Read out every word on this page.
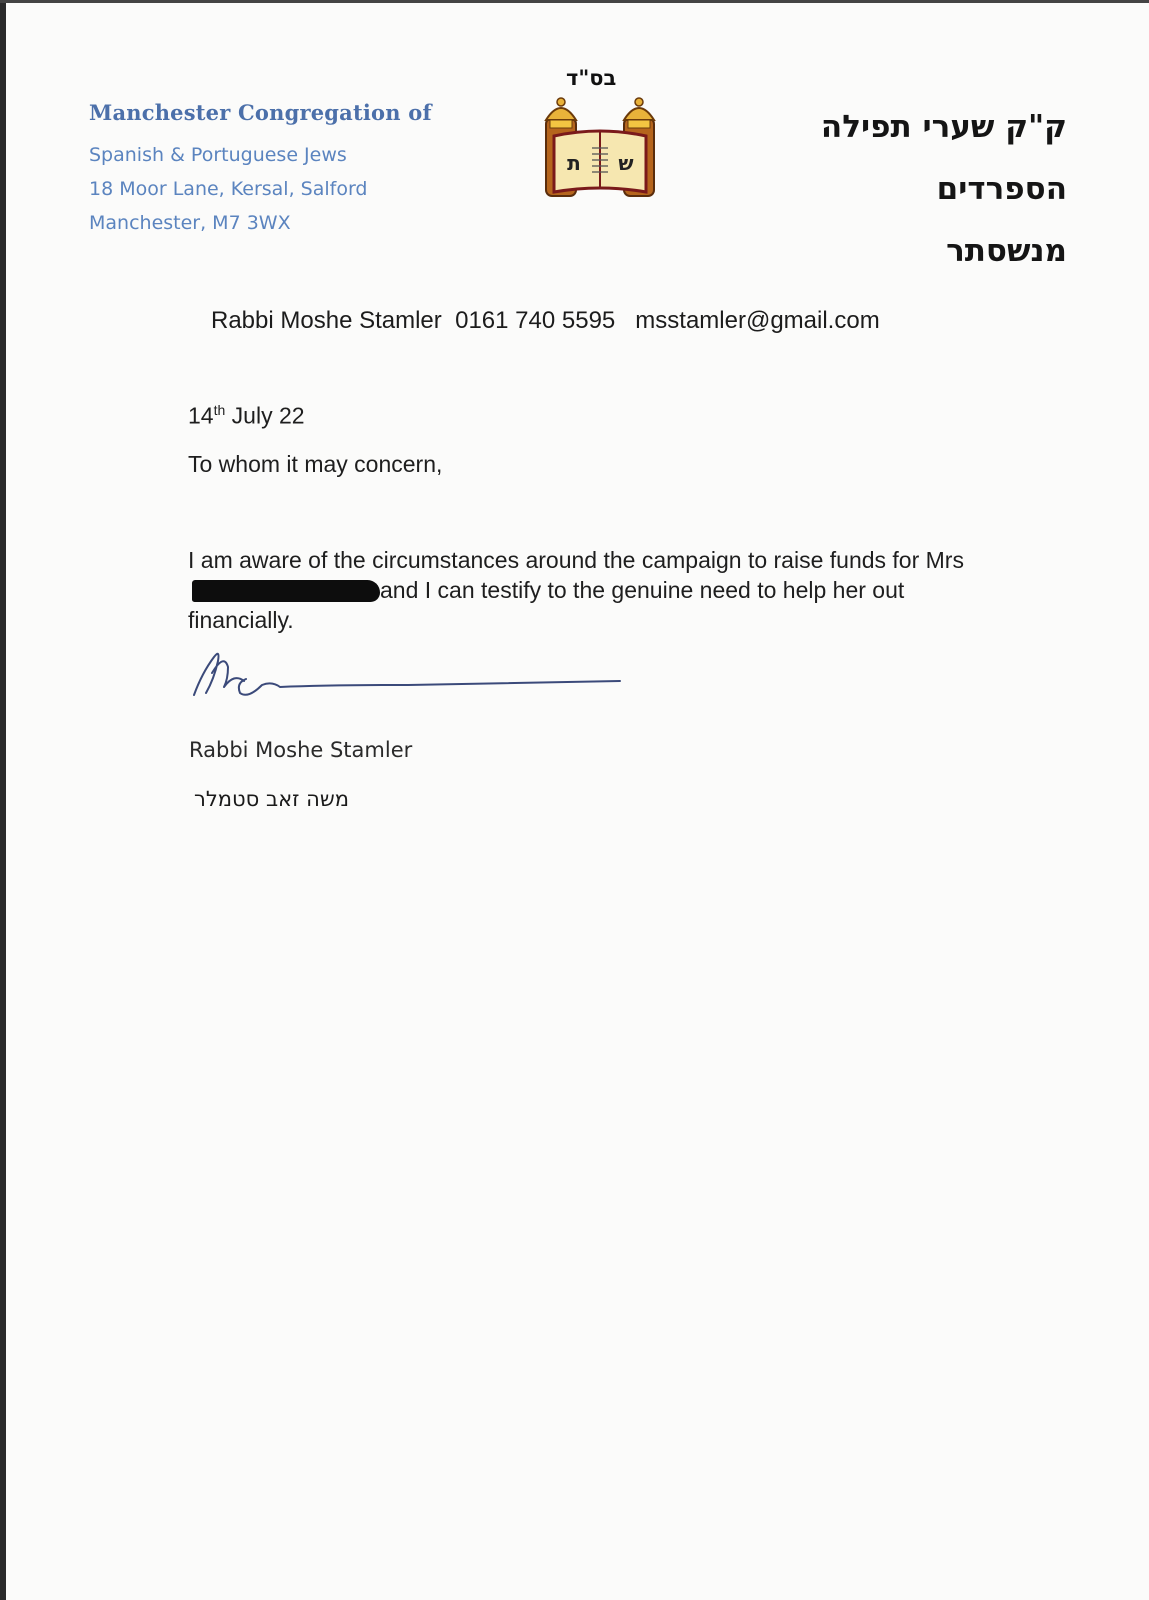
Manchester Congregation of
Spanish & Portuguese Jews
18 Moor Lane, Kersal, Salford
Manchester, M7 3WX
בס"ד
ת ש
ק"ק שערי תפילה
הספרדים
מנשסתר
Rabbi Moshe Stamler 0161 740 5595 msstamler@gmail.com
14th July 22
To whom it may concern,
I am aware of the circumstances around the campaign to raise funds for Mrs and I can testify to the genuine need to help her out financially.
Rabbi Moshe Stamler
משה זאב סטמלר
